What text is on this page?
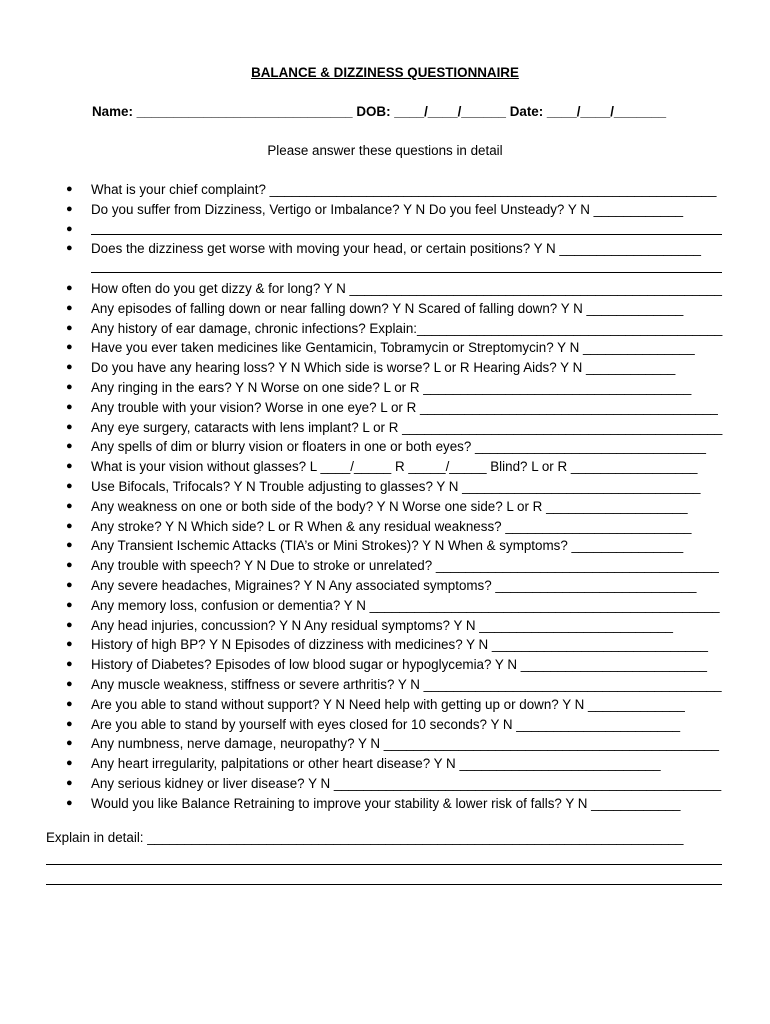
BALANCE & DIZZINESS QUESTIONNAIRE
Name: _____________________________ DOB: ____/____/______ Date: ____/____/_______
Please answer these questions in detail
● What is your chief complaint? ____________________________________________________________
● Do you suffer from Dizziness, Vertigo or Imbalance? Y N Do you feel Unsteady? Y N ____________
●
● Does the dizziness get worse with moving your head, or certain positions? Y N ___________________
● How often do you get dizzy & for long? Y N __________________________________________________
● Any episodes of falling down or near falling down? Y N Scared of falling down? Y N _____________
● Any history of ear damage, chronic infections? Explain:_________________________________________
● Have you ever taken medicines like Gentamicin, Tobramycin or Streptomycin? Y N _______________
● Do you have any hearing loss? Y N Which side is worse? L or R Hearing Aids? Y N ____________
● Any ringing in the ears? Y N Worse on one side? L or R ____________________________________
● Any trouble with your vision? Worse in one eye? L or R ________________________________________
● Any eye surgery, cataracts with lens implant? L or R ___________________________________________
● Any spells of dim or blurry vision or floaters in one or both eyes? _______________________________
● What is your vision without glasses? L ____/_____ R _____/_____ Blind? L or R _________________
● Use Bifocals, Trifocals? Y N Trouble adjusting to glasses? Y N ________________________________
● Any weakness on one or both side of the body? Y N Worse one side? L or R ___________________
● Any stroke? Y N Which side? L or R When & any residual weakness? _________________________
● Any Transient Ischemic Attacks (TIA’s or Mini Strokes)? Y N When & symptoms? _______________
● Any trouble with speech? Y N Due to stroke or unrelated? ______________________________________
● Any severe headaches, Migraines? Y N Any associated symptoms? ___________________________
● Any memory loss, confusion or dementia? Y N _______________________________________________
● Any head injuries, concussion? Y N Any residual symptoms? Y N __________________________
● History of high BP? Y N Episodes of dizziness with medicines? Y N _____________________________
● History of Diabetes? Episodes of low blood sugar or hypoglycemia? Y N _________________________
● Any muscle weakness, stiffness or severe arthritis? Y N ________________________________________
● Are you able to stand without support? Y N Need help with getting up or down? Y N _____________
● Are you able to stand by yourself with eyes closed for 10 seconds? Y N ______________________
● Any numbness, nerve damage, neuropathy? Y N _____________________________________________
● Any heart irregularity, palpitations or other heart disease? Y N ___________________________
● Any serious kidney or liver disease? Y N ____________________________________________________
● Would you like Balance Retraining to improve your stability & lower risk of falls? Y N ____________
Explain in detail: ________________________________________________________________________
